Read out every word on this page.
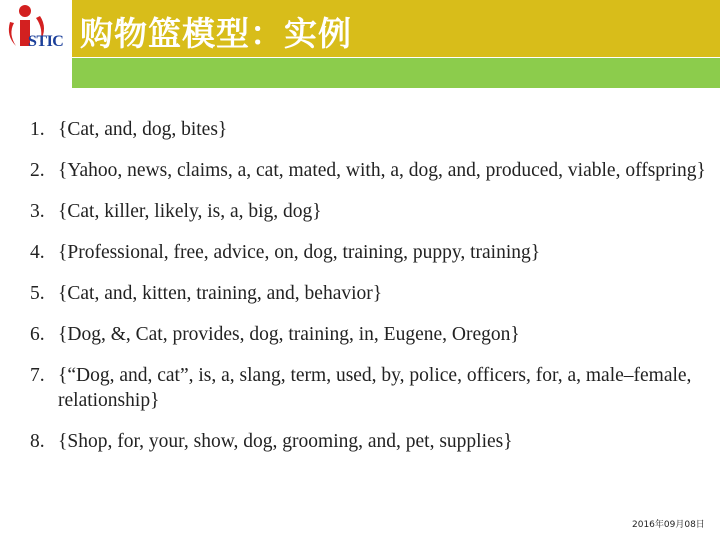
STIC 购物篮模型：实例
1. {Cat, and, dog, bites}
2. {Yahoo, news, claims, a, cat, mated, with, a, dog, and, produced, viable, offspring}
3. {Cat, killer, likely, is, a, big, dog}
4. {Professional, free, advice, on, dog, training, puppy, training}
5. {Cat, and, kitten, training, and, behavior}
6. {Dog, &, Cat, provides, dog, training, in, Eugene, Oregon}
7. {“Dog, and, cat”, is, a, slang, term, used, by, police, officers, for, a, male–female, relationship}
8. {Shop, for, your, show, dog, grooming, and, pet, supplies}
2016年09月08日
